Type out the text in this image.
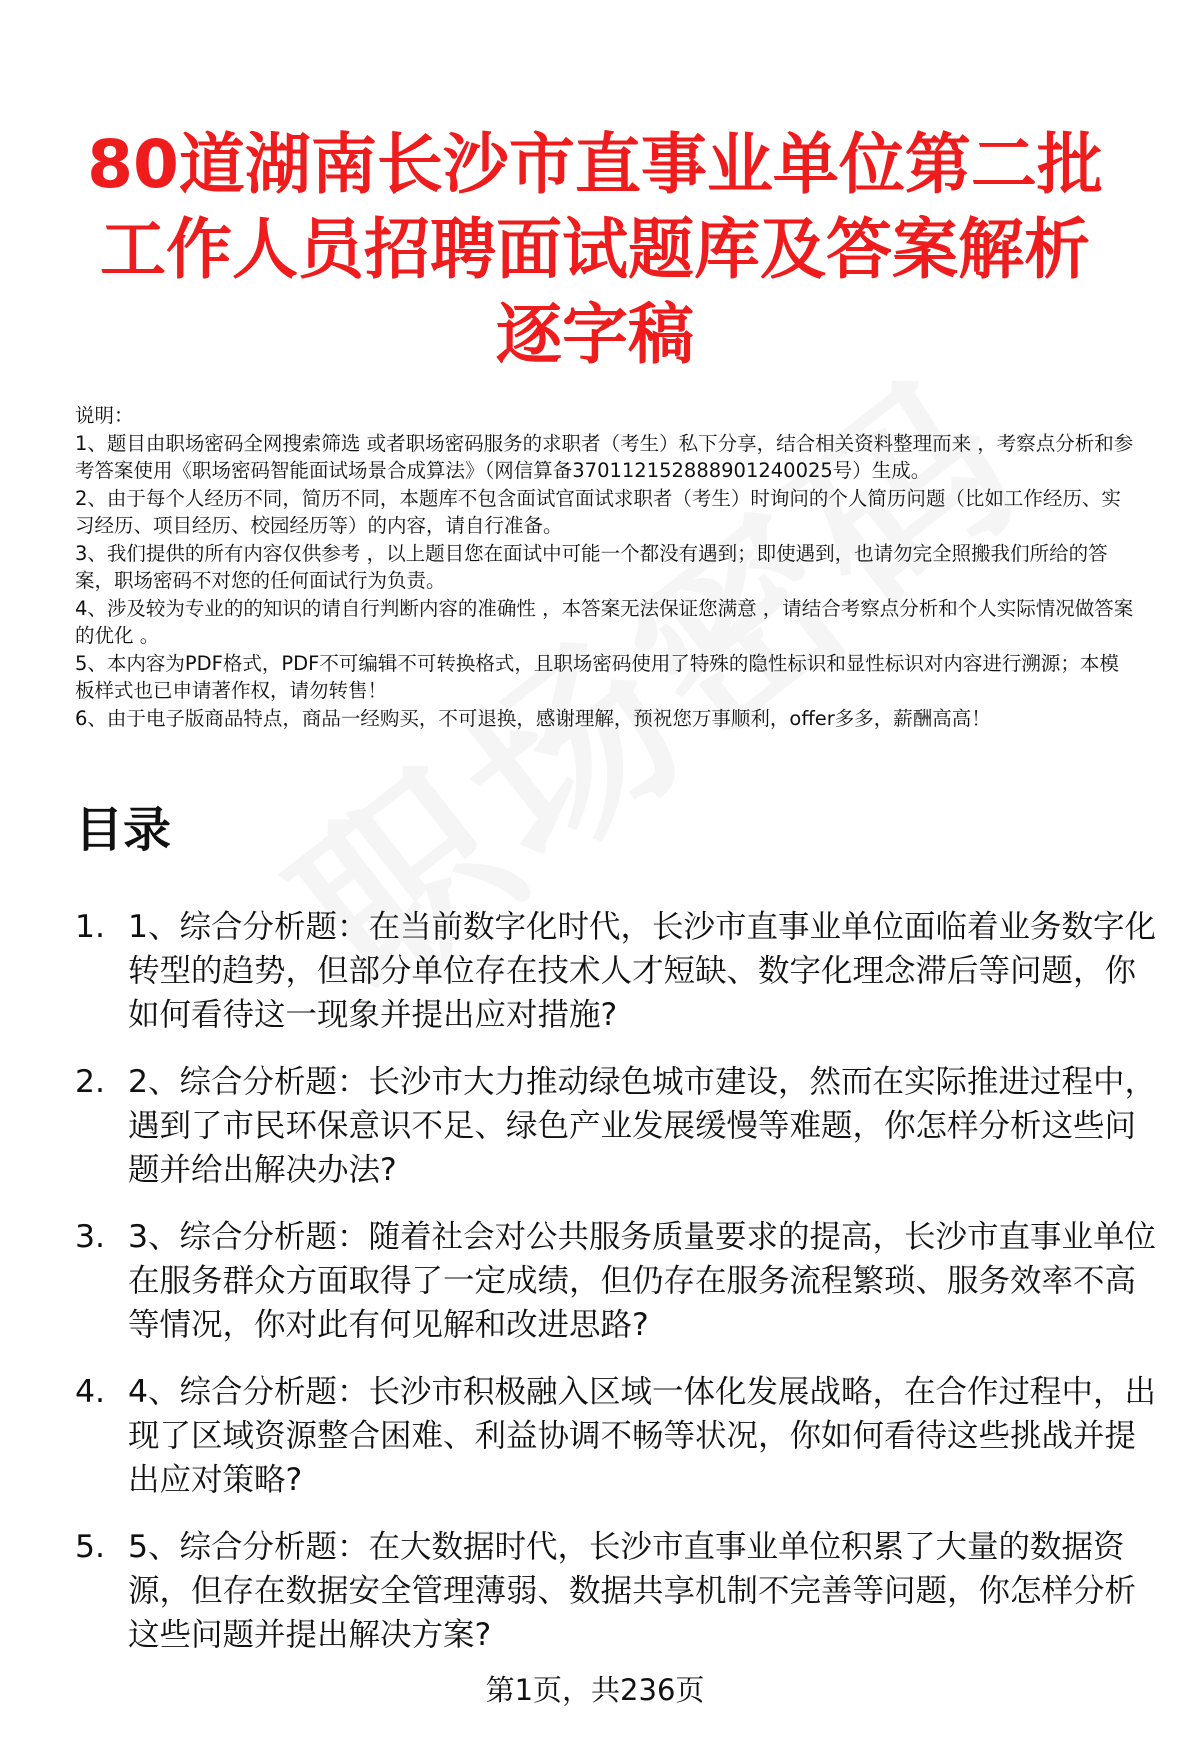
80道湖南长沙市直事业单位第二批
工作人员招聘面试题库及答案解析
逐字稿

说明：

1、题目由职场密码全网搜索筛选 或者职场密码服务的求职者（考生）私下分享，结合相关资料整理而来 ，考察点分析和参考答案使用《职场密码智能面试场景合成算法》（网信算备370112152888901240025号）生成。

2、由于每个人经历不同，简历不同，本题库不包含面试官面试求职者（考生）时询问的个人简历问题（比如工作经历、实习经历、项目经历、校园经历等）的内容，请自行准备。

3、我们提供的所有内容仅供参考 ，以上题目您在面试中可能一个都没有遇到；即使遇到，也请勿完全照搬我们所给的答案，职场密码不对您的任何面试行为负责。

4、涉及较为专业的的知识的请自行判断内容的准确性 ，本答案无法保证您满意 ，请结合考察点分析和个人实际情况做答案的优化 。

5、本内容为PDF格式，PDF不可编辑不可转换格式，且职场密码使用了特殊的隐性标识和显性标识对内容进行溯源；本模板样式也已申请著作权，请勿转售！

6、由于电子版商品特点，商品一经购买，不可退换，感谢理解，预祝您万事顺利，offer多多，薪酬高高！

目录
1. 1、综合分析题：在当前数字化时代，长沙市直事业单位面临着业务数字化转型的趋势，但部分单位存在技术人才短缺、数字化理念滞后等问题，你如何看待这一现象并提出应对措施?
2. 2、综合分析题：长沙市大力推动绿色城市建设，然而在实际推进过程中，遇到了市民环保意识不足、绿色产业发展缓慢等难题，你怎样分析这些问题并给出解决办法?
3. 3、综合分析题：随着社会对公共服务质量要求的提高，长沙市直事业单位在服务群众方面取得了一定成绩，但仍存在服务流程繁琐、服务效率不高等情况，你对此有何见解和改进思路?
4. 4、综合分析题：长沙市积极融入区域一体化发展战略，在合作过程中，出现了区域资源整合困难、利益协调不畅等状况，你如何看待这些挑战并提出应对策略?
5. 5、综合分析题：在大数据时代，长沙市直事业单位积累了大量的数据资源，但存在数据安全管理薄弱、数据共享机制不完善等问题，你怎样分析这些问题并提出解决方案?
第1页，共236页
